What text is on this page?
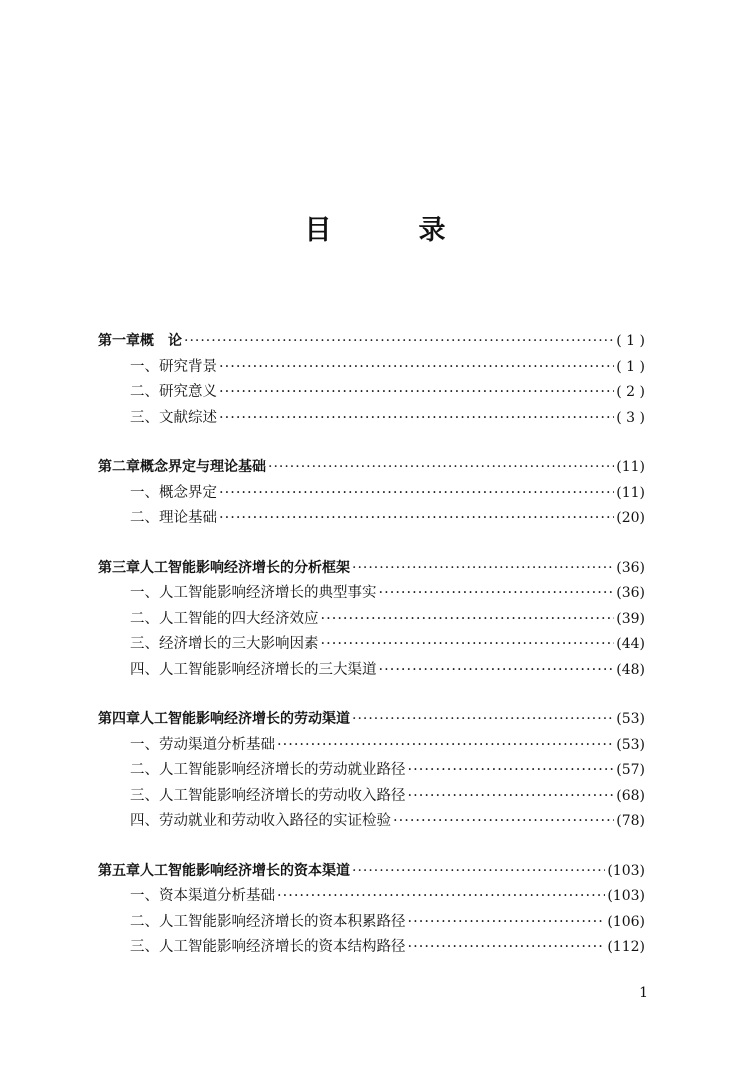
目　录
第一章 概　论 ·····	( 1 )
一、研究背景 ·····	( 1 )
二、研究意义 ·····	( 2 )
三、文献综述 ·····	( 3 )
第二章 概念界定与理论基础 ·····	(11)
一、概念界定 ·····	(11)
二、理论基础 ·····	(20)
第三章 人工智能影响经济增长的分析框架 ·····	(36)
一、人工智能影响经济增长的典型事实 ·····	(36)
二、人工智能的四大经济效应 ·····	(39)
三、经济增长的三大影响因素 ·····	(44)
四、人工智能影响经济增长的三大渠道 ·····	(48)
第四章 人工智能影响经济增长的劳动渠道 ·····	(53)
一、劳动渠道分析基础 ·····	(53)
二、人工智能影响经济增长的劳动就业路径 ·····	(57)
三、人工智能影响经济增长的劳动收入路径 ·····	(68)
四、劳动就业和劳动收入路径的实证检验 ·····	(78)
第五章 人工智能影响经济增长的资本渠道 ·····	(103)
一、资本渠道分析基础 ·····	(103)
二、人工智能影响经济增长的资本积累路径 ·····	(106)
三、人工智能影响经济增长的资本结构路径 ·····	(112)
1
